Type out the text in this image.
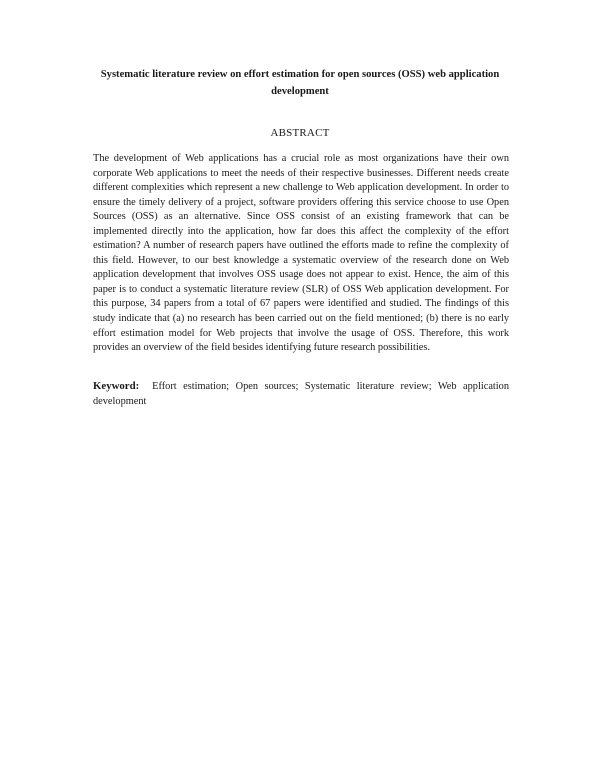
Systematic literature review on effort estimation for open sources (OSS) web application development
ABSTRACT

The development of Web applications has a crucial role as most organizations have their own corporate Web applications to meet the needs of their respective businesses. Different needs create different complexities which represent a new challenge to Web application development. In order to ensure the timely delivery of a project, software providers offering this service choose to use Open Sources (OSS) as an alternative. Since OSS consist of an existing framework that can be implemented directly into the application, how far does this affect the complexity of the effort estimation? A number of research papers have outlined the efforts made to refine the complexity of this field. However, to our best knowledge a systematic overview of the research done on Web application development that involves OSS usage does not appear to exist. Hence, the aim of this paper is to conduct a systematic literature review (SLR) of OSS Web application development. For this purpose, 34 papers from a total of 67 papers were identified and studied. The findings of this study indicate that (a) no research has been carried out on the field mentioned; (b) there is no early effort estimation model for Web projects that involve the usage of OSS. Therefore, this work provides an overview of the field besides identifying future research possibilities.

Keyword: Effort estimation; Open sources; Systematic literature review; Web application development
